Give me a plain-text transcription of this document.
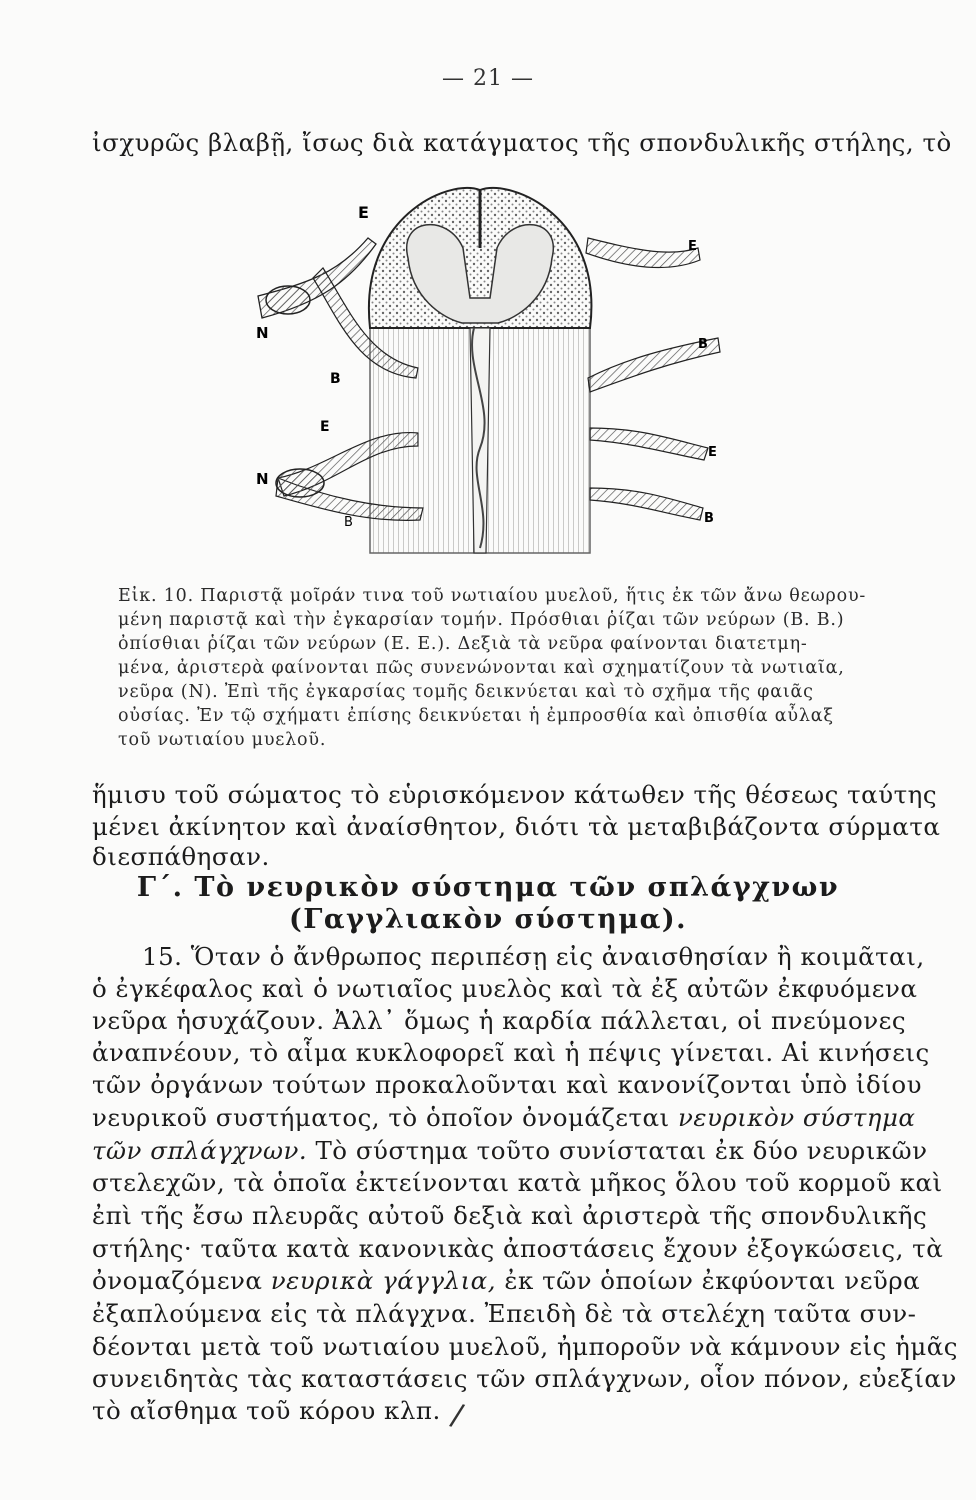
— 21 —
ἰσχυρῶς βλαβῇ, ἴσως διὰ κατάγματος τῆς σπονδυλικῆς στήλης, τὸ
E
E
N
B
B
E
E
N
B	B
Εἰκ. 10. Παριστᾷ μοῖράν τινα τοῦ νωτιαίου μυελοῦ, ἥτις ἐκ τῶν ἄνω θεωρου-
μένη παριστᾷ καὶ τὴν ἐγκαρσίαν τομήν. Πρόσθιαι ῥίζαι τῶν νεύρων (Β. Β.)
ὀπίσθιαι ῥίζαι τῶν νεύρων (Ε. Ε.). Δεξιὰ τὰ νεῦρα φαίνονται διατετμη-
μένα, ἀριστερὰ φαίνονται πῶς συνενώνονται καὶ σχηματίζουν τὰ νωτιαῖα,
νεῦρα (Ν). Ἐπὶ τῆς ἐγκαρσίας τομῆς δεικνύεται καὶ τὸ σχῆμα τῆς φαιᾶς
οὐσίας. Ἐν τῷ σχήματι ἐπίσης δεικνύεται ἡ ἐμπροσθία καὶ ὀπισθία αὖλαξ
τοῦ νωτιαίου μυελοῦ.
ἥμισυ τοῦ σώματος τὸ εὑρισκόμενον κάτωθεν τῆς θέσεως ταύτης
μένει ἀκίνητον καὶ ἀναίσθητον, διότι τὰ μεταβιβάζοντα σύρματα
διεσπάθησαν.
Γ΄. Τὸ νευρικὸν σύστημα τῶν σπλάγχνων
(Γαγγλιακὸν σύστημα).
15. Ὅταν ὁ ἄνθρωπος περιπέσῃ εἰς ἀναισθησίαν ἢ κοιμᾶται,
ὁ ἐγκέφαλος καὶ ὁ νωτιαῖος μυελὸς καὶ τὰ ἐξ αὐτῶν ἐκφυόμενα
νεῦρα ἡσυχάζουν. Ἀλλ᾽ ὅμως ἡ καρδία πάλλεται, οἱ πνεύμονες
ἀναπνέουν, τὸ αἷμα κυκλοφορεῖ καὶ ἡ πέψις γίνεται. Αἱ κινήσεις
τῶν ὀργάνων τούτων προκαλοῦνται καὶ κανονίζονται ὑπὸ ἰδίου
νευρικοῦ συστήματος, τὸ ὁποῖον ὀνομάζεται νευρικὸν σύστημα
τῶν σπλάγχνων. Τὸ σύστημα τοῦτο συνίσταται ἐκ δύο νευρικῶν
στελεχῶν, τὰ ὁποῖα ἐκτείνονται κατὰ μῆκος ὅλου τοῦ κορμοῦ καὶ
ἐπὶ τῆς ἔσω πλευρᾶς αὐτοῦ δεξιὰ καὶ ἀριστερὰ τῆς σπονδυλικῆς
στήλης· ταῦτα κατὰ κανονικὰς ἀποστάσεις ἔχουν ἐξογκώσεις, τὰ
ὀνομαζόμενα νευρικὰ γάγγλια, ἐκ τῶν ὁποίων ἐκφύονται νεῦρα
ἐξαπλούμενα εἰς τὰ πλάγχνα. Ἐπειδὴ δὲ τὰ στελέχη ταῦτα συν-
δέονται μετὰ τοῦ νωτιαίου μυελοῦ, ἠμποροῦν νὰ κάμνουν εἰς ἡμᾶς
συνειδητὰς τὰς καταστάσεις τῶν σπλάγχνων, οἷον πόνον, εὐεξίαν
τὸ αἴσθημα τοῦ κόρου κλπ. /
